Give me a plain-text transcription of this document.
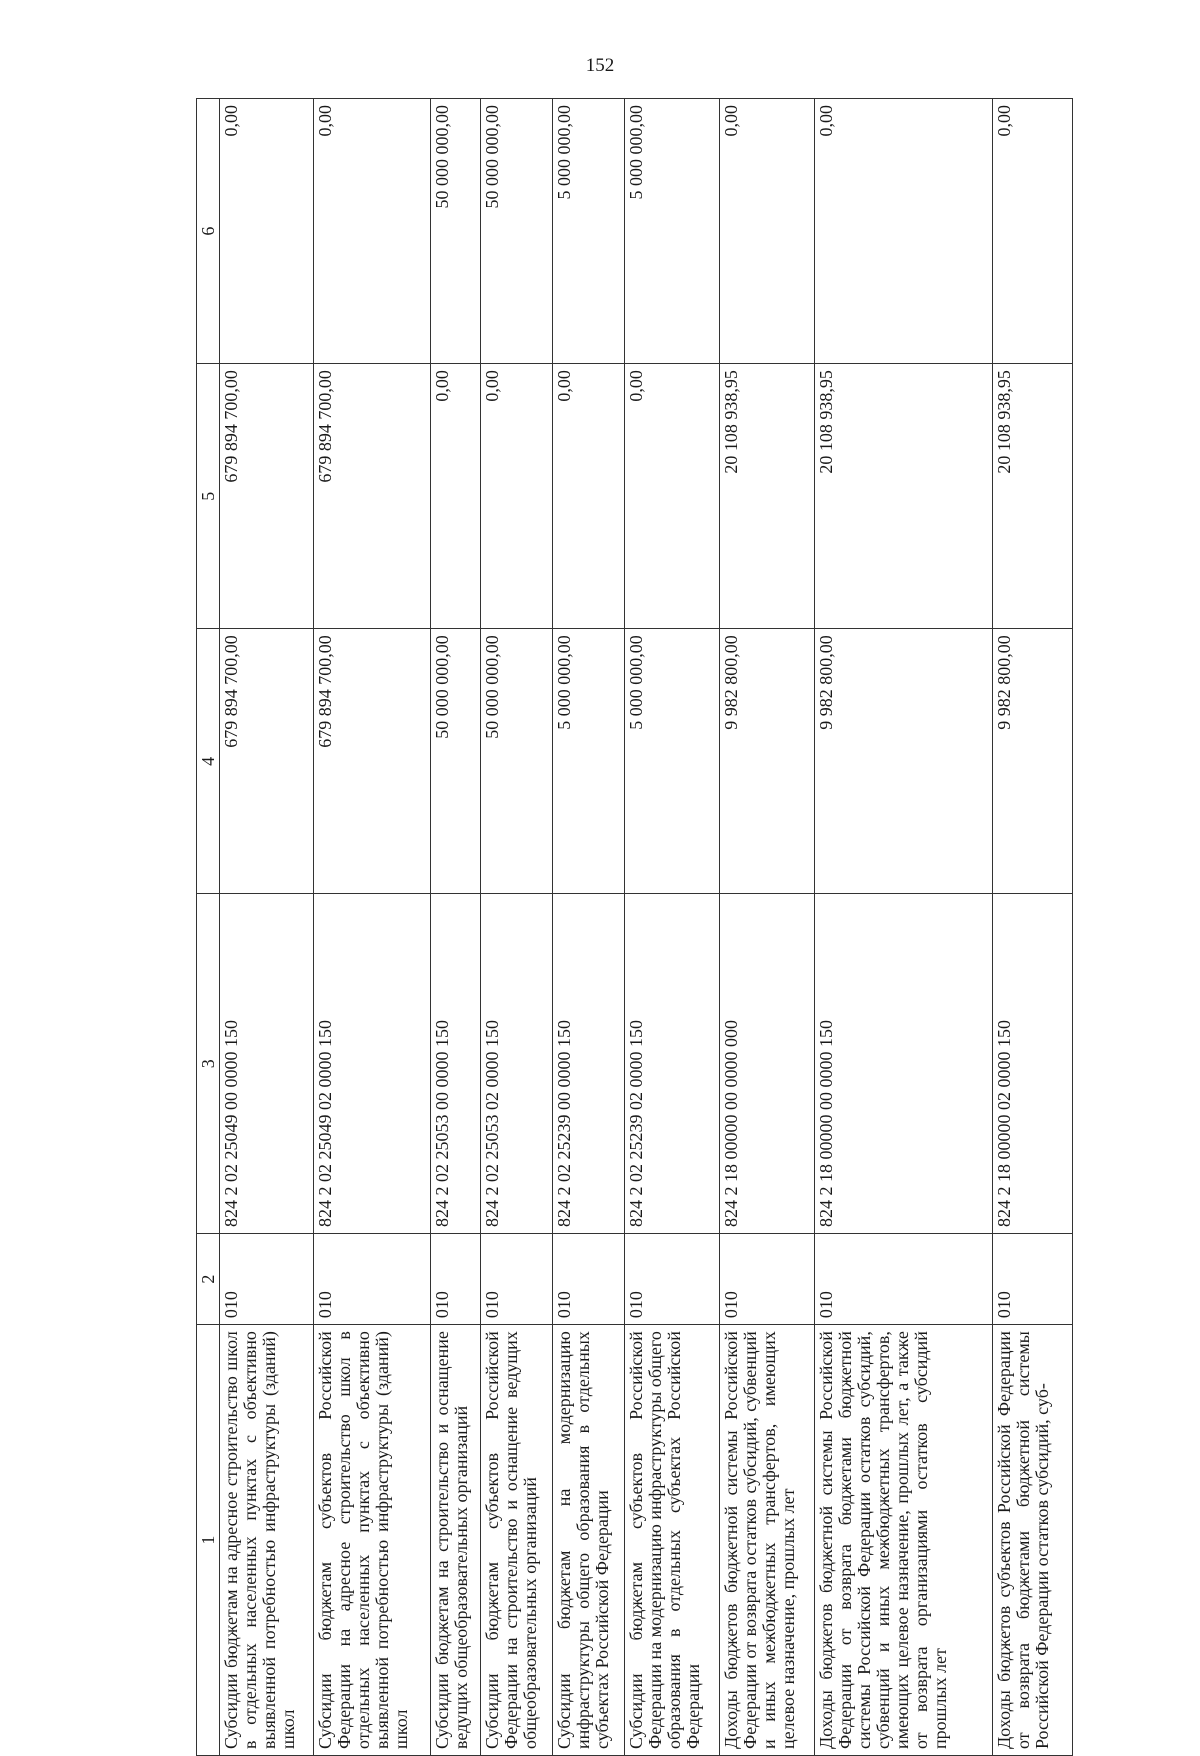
152
1	2	3	4	5	6
Субсидии бюджетам на адресное строительство школ в отдельных населенных пунктах с объективно выявленной потребностью инфраструктуры (зданий) школ	010	824 2 02 25049 00 0000 150	679 894 700,00	679 894 700,00	0,00
Субсидии бюджетам субъектов Российской Федерации на адресное строительство школ в отдельных населенных пунктах с объективно выявленной потребностью инфраструктуры (зданий) школ	010	824 2 02 25049 02 0000 150	679 894 700,00	679 894 700,00	0,00
Субсидии бюджетам на строительство и оснащение ведущих общеобразовательных организаций	010	824 2 02 25053 00 0000 150	50 000 000,00	0,00	50 000 000,00
Субсидии бюджетам субъектов Российской Федерации на строительство и оснащение ведущих общеобразовательных организаций	010	824 2 02 25053 02 0000 150	50 000 000,00	0,00	50 000 000,00
Субсидии бюджетам на модернизацию инфраструктуры общего образования в отдельных субъектах Российской Федерации	010	824 2 02 25239 00 0000 150	5 000 000,00	0,00	5 000 000,00
Субсидии бюджетам субъектов Российской Федерации на модернизацию инфраструктуры общего образования в отдельных субъектах Российской Федерации	010	824 2 02 25239 02 0000 150	5 000 000,00	0,00	5 000 000,00
Доходы бюджетов бюджетной системы Российской Федерации от возврата остатков субсидий, субвенций и иных межбюджетных трансфертов, имеющих целевое назначение, прошлых лет	010	824 2 18 00000 00 0000 000	9 982 800,00	20 108 938,95	0,00
Доходы бюджетов бюджетной системы Российской Федерации от возврата бюджетами бюджетной системы Российской Федерации остатков субсидий, субвенций и иных межбюджетных трансфертов, имеющих целевое назначение, прошлых лет, а также от возврата организациями остатков субсидий прошлых лет	010	824 2 18 00000 00 0000 150	9 982 800,00	20 108 938,95	0,00
Доходы бюджетов субъектов Российской Федерации от возврата бюджетами бюджетной системы Российской Федерации остатков субсидий, суб-	010	824 2 18 00000 02 0000 150	9 982 800,00	20 108 938,95	0,00
